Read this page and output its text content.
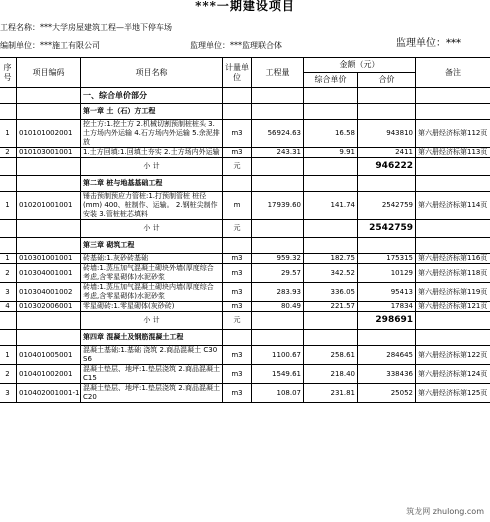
***一期建设项目
工程名称：***大学房屋建筑工程—半地下停车场
编制单位：***施工有限公司	监理单位：***监理联合体	监理单位：***
序号	项目编码	项目名称	计量单位	工程量	金额（元）		备注
					综合单价	合价	
		一、综合单价部分					
		第一章 土（石）方工程					
1	010101002001	挖土方:1.挖土方 2.机械切割预制桩桩头 3.土方场内外运输 4.石方场内外运输 5.余泥排放	m3	56924.63	16.58	943810	第六册经济标第112页
2	010103001001	1.土方回填:1.回填土夯实 2.土方场内外运输	m3	243.31	9.91	2411	第六册经济标第113页
		小 计	元			946222	
		第二章 桩与地基基础工程					
1	010201001001	锤击预制预应力管桩:1.打预制管桩 桩径(mm) 400、桩制作、运输。 2.钢桩尖制作安装 3.管桩桩芯填料	m	17939.60	141.74	2542759	第六册经济标第114页
		小 计	元			2542759	
		第三章 砌筑工程					
1	010301001001	砖基础:1.灰砂砖基础	m3	959.32	182.75	175315	第六册经济标第116页
2	010304001001	砖墙:1.蒸压加气混凝土砌块外墙(厚度综合考虑,含零星砌体)水泥砂浆	m3	29.57	342.52	10129	第六册经济标第118页
3	010304001002	砖墙:1.蒸压加气混凝土砌块内墙(厚度综合考虑,含零星砌体)水泥砂浆	m3	283.93	336.05	95413	第六册经济标第119页
4	010302006001	零星砌砖:1.零星砌体(灰砂砖)	m3	80.49	221.57	17834	第六册经济标第121页
		小 计	元			298691	
		第四章 混凝土及钢筋混凝土工程					
1	010401005001	混凝土基础:1.基础 浇筑 2.商品混凝土 C30 S6	m3	1100.67	258.61	284645	第六册经济标第122页
2	010401002001	混凝土垫层、地坪:1.垫层浇筑 2.商品混凝土 C15	m3	1549.61	218.40	338436	第六册经济标第124页
3	010402001001-1	混凝土垫层、地坪:1.垫层浇筑 2.商品混凝土 C20	m3	108.07	231.81	25052	第六册经济标第125页
筑龙网 zhulong.com
